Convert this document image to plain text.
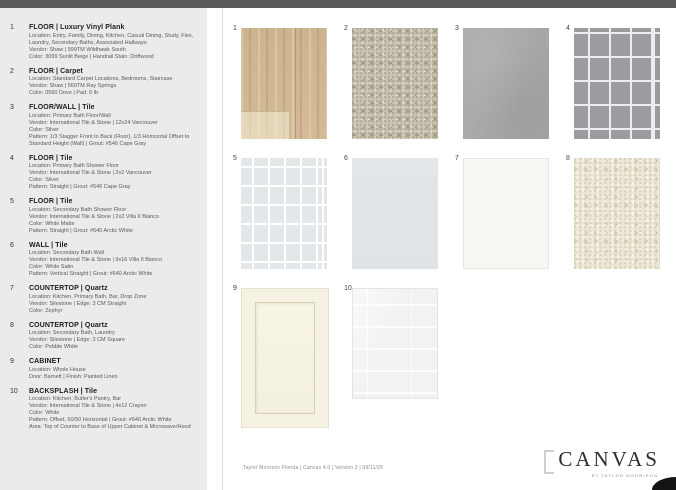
1 FLOOR | Luxury Vinyl Plank
Location: Entry, Family, Dining, Kitchen, Casual Dining, Study, Flex, Laundry, Secondary Baths, Associated Hallways
Vendor: Shaw | 599TM Wildhawk South
Color: 3099 Sunlit Beige | Handrail Stain: Driftwood
2 FLOOR | Carpet
Location: Standard Carpet Locations, Bedrooms, Staircase
Vendor: Shaw | 560TM Ray Springs
Color: 0560 Dove | Pad: 6 lb
3 FLOOR/WALL | Tile
Location: Primary Bath Floor/Wall
Vendor: International Tile & Stone | 12x24 Vancouver
Color: Silver
Pattern: 1/3 Stagger Front to Back (Floor), 1/3 Horizontal Offset to Standard Height (Wall) | Grout: #546 Cape Gray
4 FLOOR | Tile
Location: Primary Bath Shower Floor
Vendor: International Tile & Stone | 2x2 Vancouver
Color: Silver
Pattern: Straight | Grout: #546 Cape Gray
5 FLOOR | Tile
Location: Secondary Bath Shower Floor
Vendor: International Tile & Stone | 2x2 Villa II Bianco
Color: White Matte
Pattern: Straight | Grout: #640 Arctic White
6 WALL | Tile
Location: Secondary Bath Wall
Vendor: International Tile & Stone | 9x16 Villa II Bianco
Color: White Satin
Pattern: Vertical Straight | Grout: #640 Arctic White
7 COUNTERTOP | Quartz
Location: Kitchen, Primary Bath, Bar, Drop Zone
Vendor: Silestone | Edge: 3 CM Straight
Color: Zephyr
8 COUNTERTOP | Quartz
Location: Secondary Bath, Laundry
Vendor: Silestone | Edge: 3 CM Square
Color: Pebble White
9 CABINET
Location: Whole House
Door: Barnett | Finish: Painted Linen
10 BACKSPLASH | Tile
Location: Kitchen, Butler's Pantry, Bar
Vendor: International Tile & Stone | 4x12 Crayon
Color: White
Pattern: Offset, 50/50 Horizontal | Grout: #640 Arctic White
Area: Top of Counter to Base of Upper Cabinet & Microwave/Hood
1	2	3	4
5	6	7	8
9	10
Taylor Morrison Florida | Canvas 4.0 | Version 2 | 09/11/25	CANVAS
BY TAYLOR MORRISON
